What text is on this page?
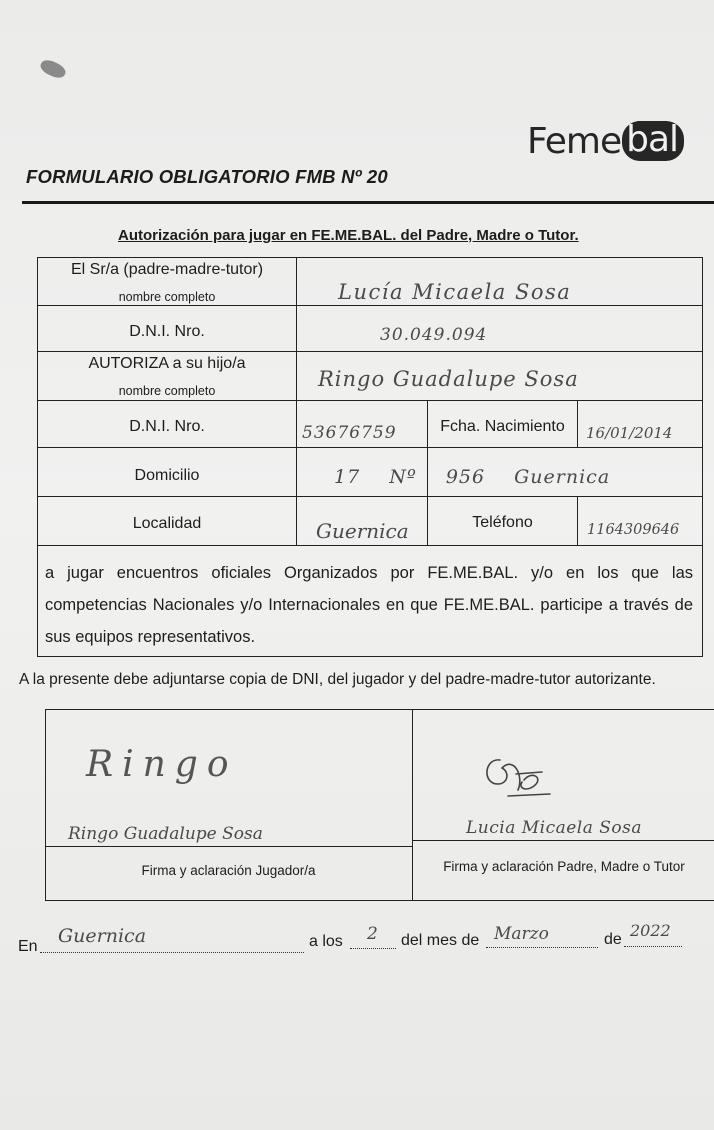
Feme bal
FORMULARIO OBLIGATORIO FMB Nº 20
Autorización para jugar en FE.ME.BAL. del Padre, Madre o Tutor.
El Sr/a (padre-madre-tutor)
nombre completo	Lucía Micaela Sosa
D.N.I. Nro.	30.049.094
AUTORIZA a su hijo/a
nombre completo	Ringo Guadalupe Sosa
D.N.I. Nro.	53676759	Fcha. Nacimiento	16/01/2014
Domicilio	17 Nº 956 Guernica
Localidad	Guernica	Teléfono	1164309646
a jugar encuentros oficiales Organizados por FE.ME.BAL. y/o en los que las competencias Nacionales y/o Internacionales en que FE.ME.BAL. participe a través de sus equipos representativos.
A la presente debe adjuntarse copia de DNI, del jugador y del padre-madre-tutor autorizante.
Ringo
Ringo Guadalupe Sosa
Firma y aclaración Jugador/a
Lucia Micaela Sosa
Firma y aclaración Padre, Madre o Tutor
En Guernica	a los 2 del mes de Marzo	de 2022
